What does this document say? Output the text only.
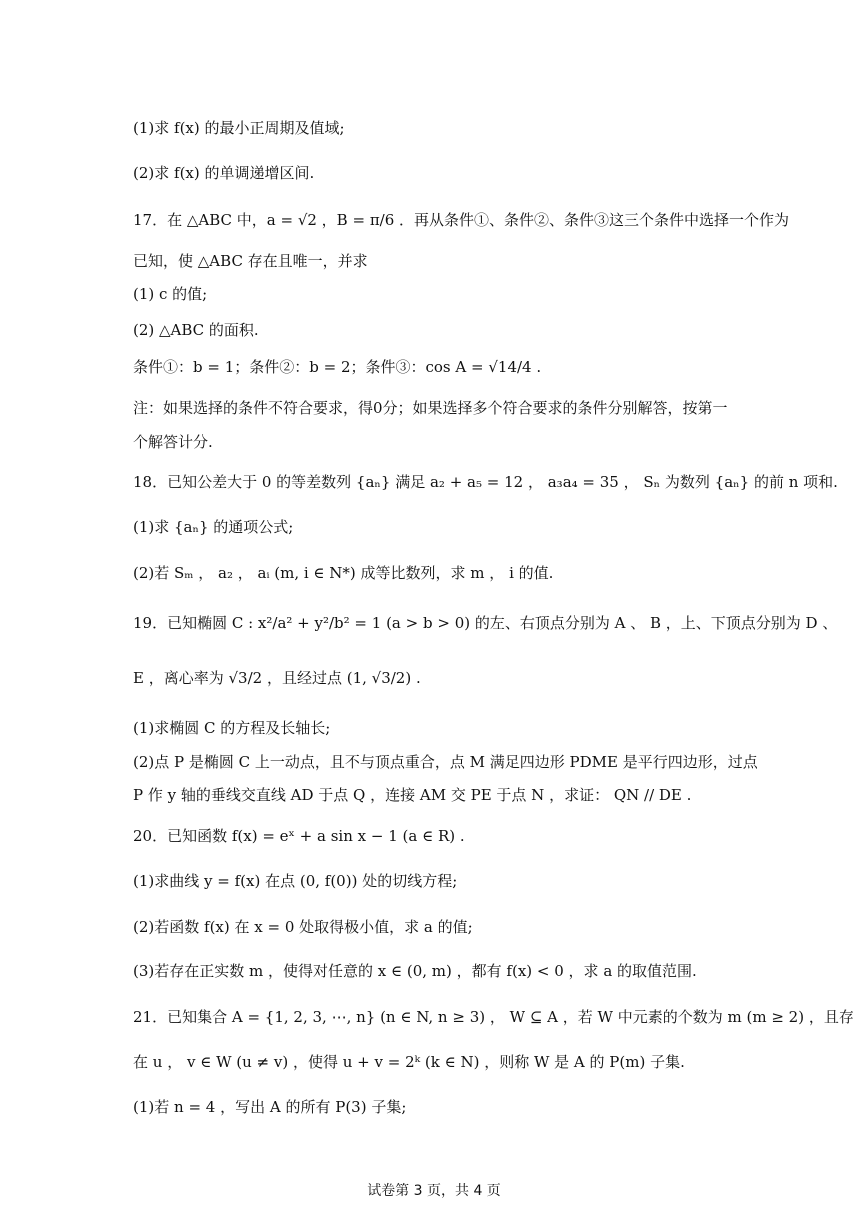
(1)求 f(x) 的最小正周期及值域;
(2)求 f(x) 的单调递增区间.
17．在 △ABC 中，a = √2 ，B = π/6 ．再从条件①、条件②、条件③这三个条件中选择一个作为
已知，使 △ABC 存在且唯一，并求
(1) c 的值;
(2) △ABC 的面积.
条件①：b = 1；条件②：b = 2；条件③：cos A = √14/4 .
注：如果选择的条件不符合要求，得0分；如果选择多个符合要求的条件分别解答，按第一
个解答计分.
18．已知公差大于 0 的等差数列 {aₙ} 满足 a₂ + a₅ = 12 ， a₃a₄ = 35 ， Sₙ 为数列 {aₙ} 的前 n 项和.
(1)求 {aₙ} 的通项公式;
(2)若 Sₘ ， a₂ ， aᵢ (m, i ∈ N*) 成等比数列，求 m ， i 的值.
19．已知椭圆 C : x²/a² + y²/b² = 1 (a > b > 0) 的左、右顶点分别为 A 、 B ，上、下顶点分别为 D 、
E ，离心率为 √3/2 ，且经过点 (1, √3/2) .
(1)求椭圆 C 的方程及长轴长;
(2)点 P 是椭圆 C 上一动点，且不与顶点重合，点 M 满足四边形 PDME 是平行四边形，过点
P 作 y 轴的垂线交直线 AD 于点 Q ，连接 AM 交 PE 于点 N ，求证： QN // DE .
20．已知函数 f(x) = eˣ + a sin x − 1 (a ∈ R) .
(1)求曲线 y = f(x) 在点 (0, f(0)) 处的切线方程;
(2)若函数 f(x) 在 x = 0 处取得极小值，求 a 的值;
(3)若存在正实数 m ，使得对任意的 x ∈ (0, m) ，都有 f(x) < 0 ，求 a 的取值范围.
21．已知集合 A = {1, 2, 3, ⋯, n} (n ∈ N, n ≥ 3) ， W ⊆ A ，若 W 中元素的个数为 m (m ≥ 2) ，且存
在 u ， v ∈ W (u ≠ v) ，使得 u + v = 2ᵏ (k ∈ N) ，则称 W 是 A 的 P(m) 子集.
(1)若 n = 4 ，写出 A 的所有 P(3) 子集;
试卷第 3 页，共 4 页
